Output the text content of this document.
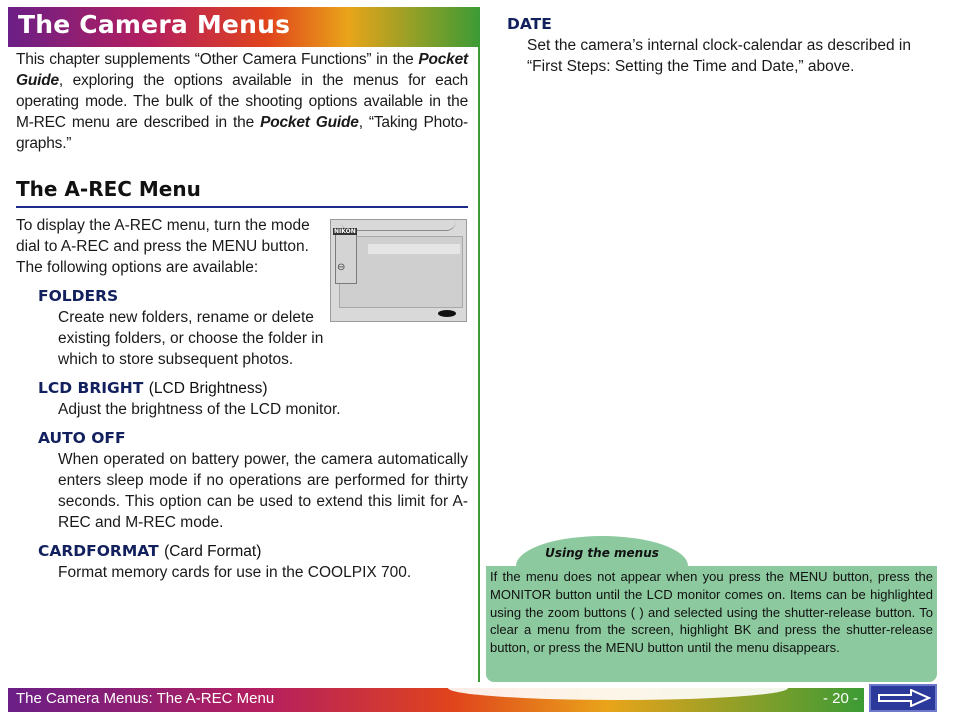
The Camera Menus

This chapter supplements “Other Camera Functions” in the Pocket Guide, exploring the options available in the menus for each operating mode. The bulk of the shooting options available in the M-REC menu are described in the Pocket Guide, “Taking Photo-graphs.”

The A-REC Menu

To display the A-REC menu, turn the mode dial to A-REC and press the MENU button. The following options are available:

NIKON
⊖
FOLDERS
Create new folders, rename or delete existing folders, or choose the folder in which to store subsequent photos.
LCD BRIGHT (LCD Brightness)
Adjust the brightness of the LCD monitor.
AUTO OFF
When operated on battery power, the camera automatically enters sleep mode if no operations are performed for thirty seconds. This option can be used to extend this limit for A-REC and M-REC mode.
CARDFORMAT (Card Format)
Format memory cards for use in the COOLPIX 700.
DATE
Set the camera’s internal clock-calendar as described in “First Steps: Setting the Time and Date,” above.
Using the menus
If the menu does not appear when you press the MENU button, press the MONITOR button until the LCD monitor comes on. Items can be highlighted using the zoom buttons ( ) and selected using the shutter-release button. To clear a menu from the screen, highlight BK and press the shutter-release button, or press the MENU button until the menu disappears.
The Camera Menus: The A-REC Menu	- 20 -
